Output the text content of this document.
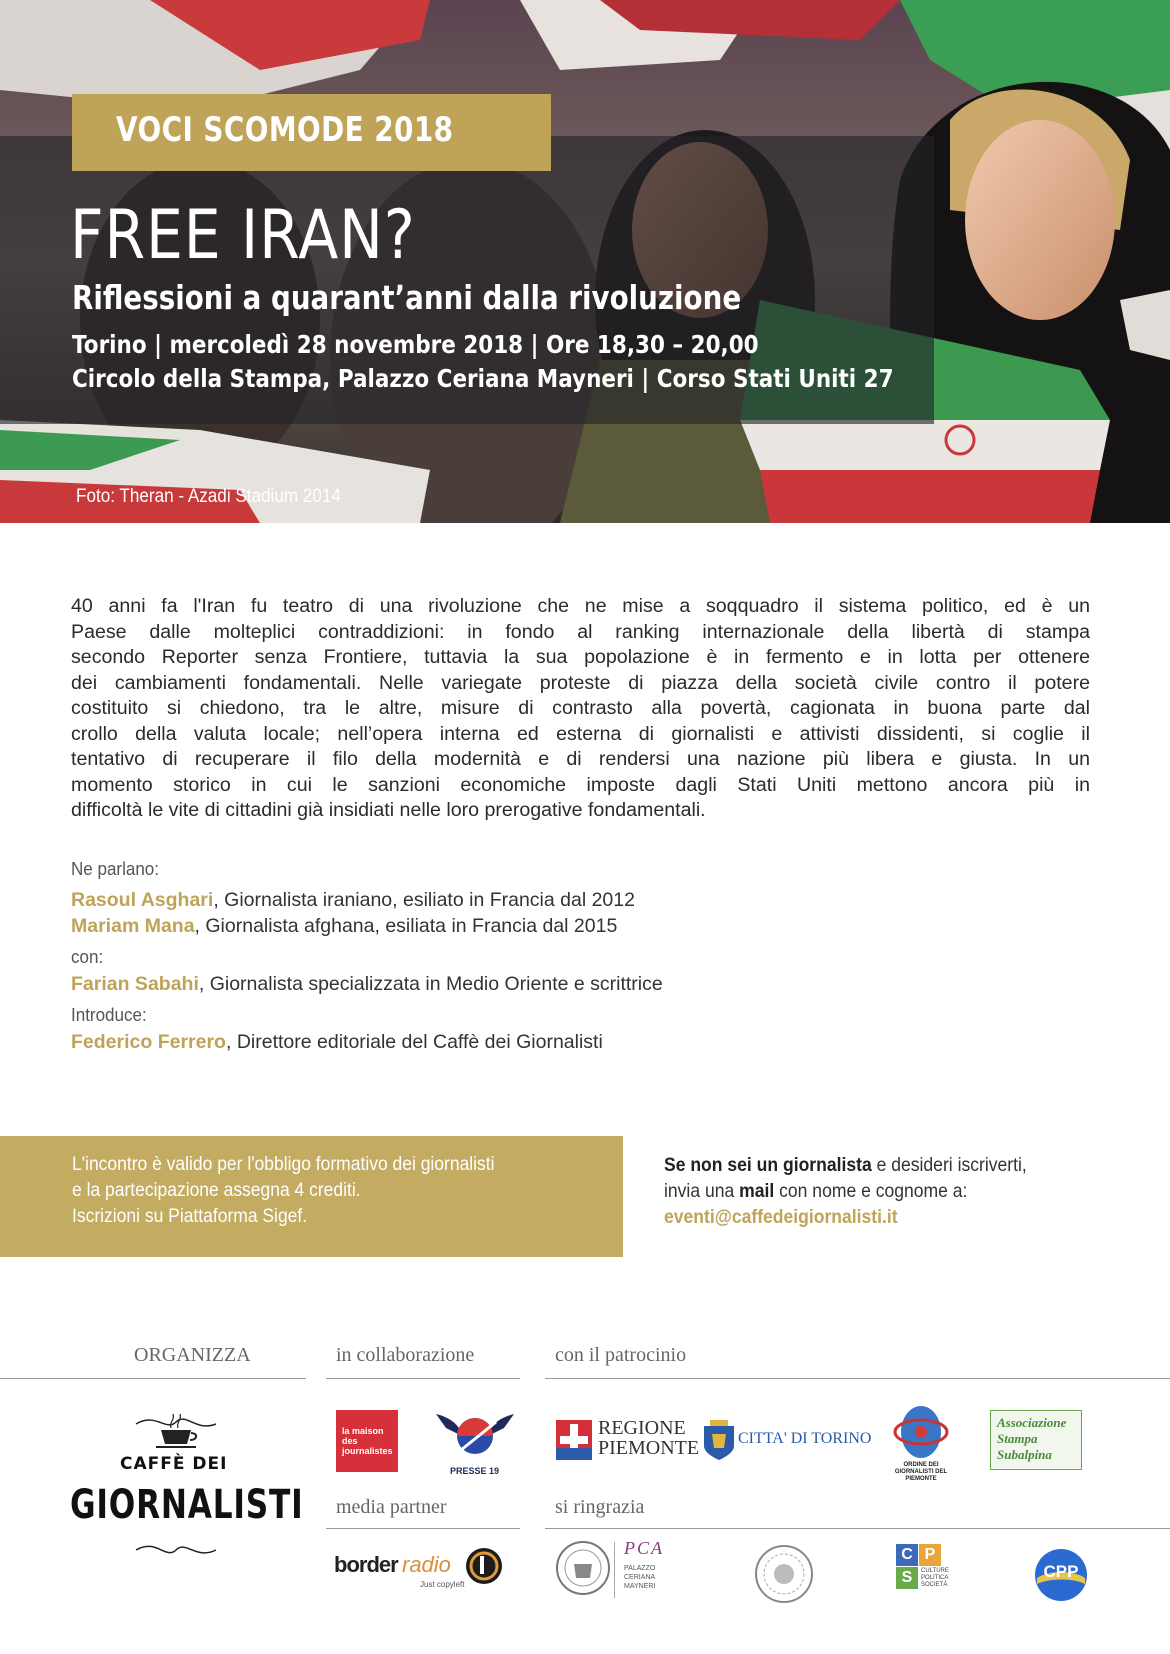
VOCI SCOMODE 2018
FREE IRAN?
Riflessioni a quarant’anni dalla rivoluzione
Torino | mercoledì 28 novembre 2018 | Ore 18,30 – 20,00
Circolo della Stampa, Palazzo Ceriana Mayneri | Corso Stati Uniti 27
Foto: Theran - Azadi Stadium 2014
40 anni fa l'Iran fu teatro di una rivoluzione che ne mise a soqquadro il sistema politico, ed è un
Paese dalle molteplici contraddizioni: in fondo al ranking internazionale della libertà di stampa
secondo Reporter senza Frontiere, tuttavia la sua popolazione è in fermento e in lotta per ottenere
dei cambiamenti fondamentali. Nelle variegate proteste di piazza della società civile contro il potere
costituito si chiedono, tra le altre, misure di contrasto alla povertà, cagionata in buona parte dal
crollo della valuta locale; nell’opera interna ed esterna di giornalisti e attivisti dissidenti, si coglie il
tentativo di recuperare il filo della modernità e di rendersi una nazione più libera e giusta. In un
momento storico in cui le sanzioni economiche imposte dagli Stati Uniti mettono ancora più in
difficoltà le vite di cittadini già insidiati nelle loro prerogative fondamentali.
Ne parlano:
Rasoul Asghari, Giornalista iraniano, esiliato in Francia dal 2012
Mariam Mana, Giornalista afghana, esiliata in Francia dal 2015
con:
Farian Sabahi, Giornalista specializzata in Medio Oriente e scrittrice
Introduce:
Federico Ferrero, Direttore editoriale del Caffè dei Giornalisti

L'incontro è valido per l'obbligo formativo dei giornalisti

e la partecipazione assegna 4 crediti.

Iscrizioni su Piattaforma Sigef.

Se non sei un giornalista e desideri iscriverti,

invia una mail con nome e cognome a:

eventi@caffedeigiornalisti.it

ORGANIZZA	in collaborazione	con il patrocinio
media partner	si ringrazia
CAFFÈ DEI
GIORNALISTI
la maison des journalistes
PRESSE 19
REGIONE
PIEMONTE CITTA' DI TORINO
ORDINE DEI GIORNALISTI DEL PIEMONTE
Associazione
Stampa
Subalpina
border radio
Just copyleft
PCA
PALAZZO CERIANA MAYNERI
C P
S	CULTURE POLITICA SOCIETÀ
CPP
